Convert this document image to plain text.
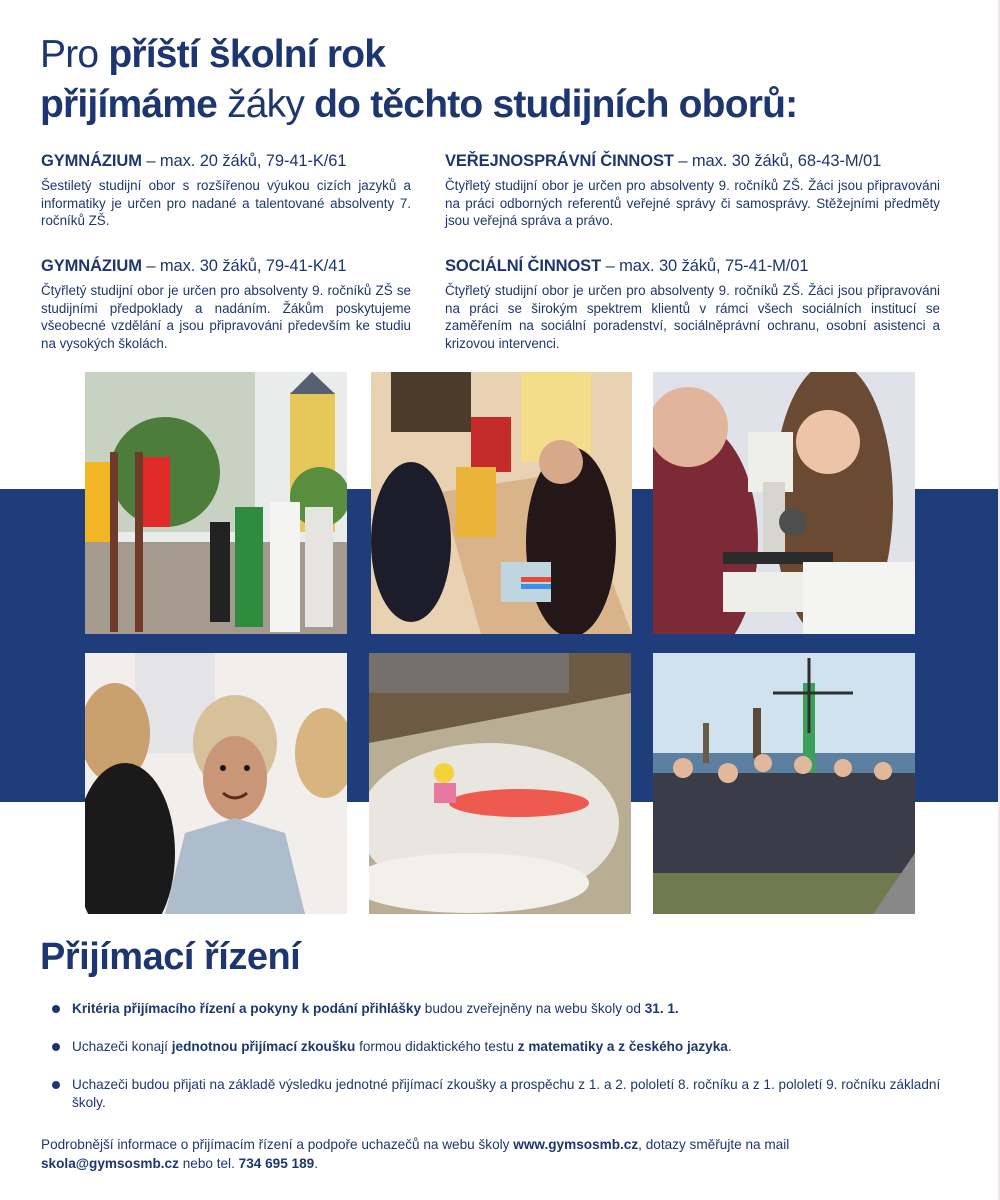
Pro příští školní rok
přijímáme žáky do těchto studijních oborů:
GYMNÁZIUM – max. 20 žáků, 79-41-K/61

Šestiletý studijní obor s rozšířenou výukou cizích jazyků a informatiky je určen pro nadané a talentované absolventy 7. ročníků ZŠ.

GYMNÁZIUM – max. 30 žáků, 79-41-K/41

Čtyřletý studijní obor je určen pro absolventy 9. ročníků ZŠ se studijními předpoklady a nadáním. Žákům poskytujeme všeobecné vzdělání a jsou připravováni především ke studiu na vysokých školách.

VEŘEJNOSPRÁVNÍ ČINNOST – max. 30 žáků, 68-43-M/01

Čtyřletý studijní obor je určen pro absolventy 9. ročníků ZŠ. Žáci jsou připravováni na práci odborných referentů veřejné správy či samosprávy. Stěžejními předměty jsou veřejná správa a právo.

SOCIÁLNÍ ČINNOST – max. 30 žáků, 75-41-M/01

Čtyřletý studijní obor je určen pro absolventy 9. ročníků ZŠ. Žáci jsou připravováni na práci se širokým spektrem klientů v rámci všech sociálních institucí se zaměřením na sociální poradenství, sociálněprávní ochranu, osobní asistenci a krizovou intervenci.

Přijímací řízení
Kritéria přijímacího řízení a pokyny k podání přihlášky budou zveřejněny na webu školy od 31. 1.
Uchazeči konají jednotnou přijímací zkoušku formou didaktického testu z matematiky a z českého jazyka.
Uchazeči budou přijati na základě výsledku jednotné přijímací zkoušky a prospěchu z 1. a 2. pololetí 8. ročníku a z 1. pololetí 9. ročníku základní školy.

Podrobnější informace o přijímacím řízení a podpoře uchazečů na webu školy www.gymsosmb.cz, dotazy směřujte na mail
skola@gymsosmb.cz nebo tel. 734 695 189.
